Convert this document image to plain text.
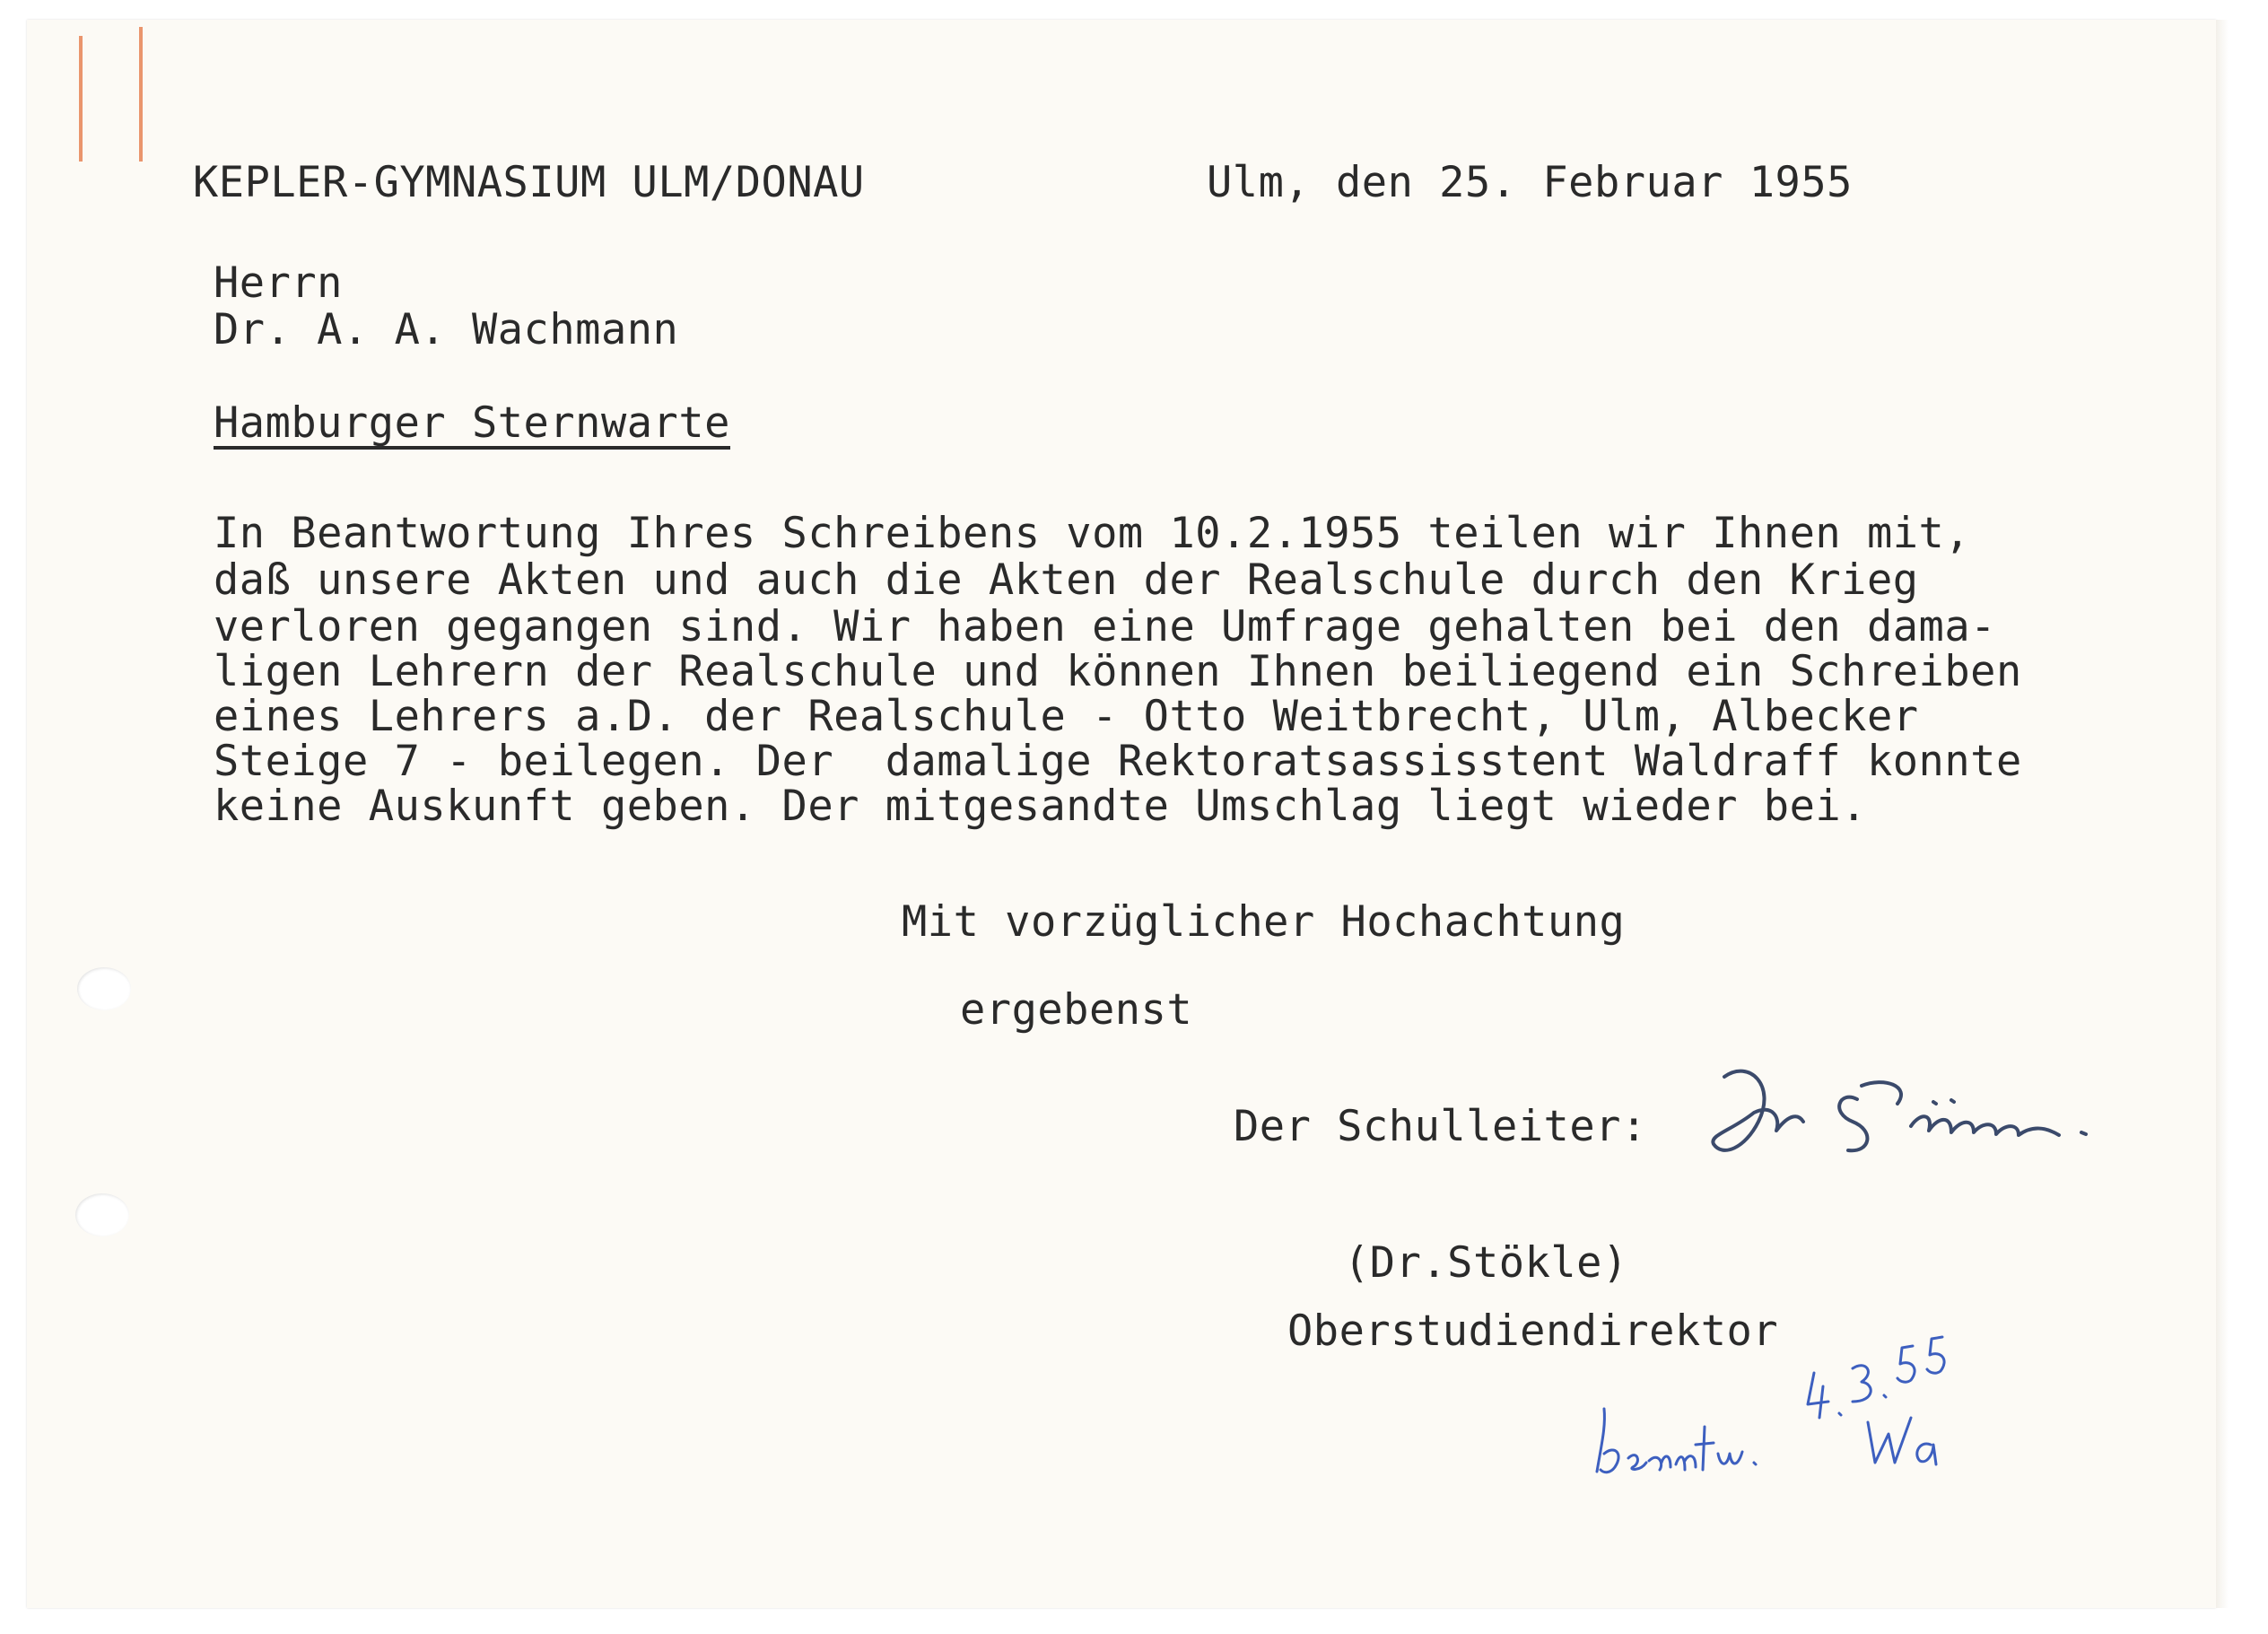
KEPLER-GYMNASIUM ULM/DONAU	Ulm, den 25. Februar 1955
Herrn
Dr. A. A. Wachmann
Hamburger Sternwarte
In Beantwortung Ihres Schreibens vom 10.2.1955 teilen wir Ihnen mit,
daß unsere Akten und auch die Akten der Realschule durch den Krieg
verloren gegangen sind. Wir haben eine Umfrage gehalten bei den dama-
ligen Lehrern der Realschule und können Ihnen beiliegend ein Schreiben
eines Lehrers a.D. der Realschule - Otto Weitbrecht, Ulm, Albecker
Steige 7 - beilegen. Der  damalige Rektoratsassisstent Waldraff konnte
keine Auskunft geben. Der mitgesandte Umschlag liegt wieder bei.
Mit vorzüglicher Hochachtung
ergebenst
Der Schulleiter:
(Dr.Stökle)
Oberstudiendirektor
